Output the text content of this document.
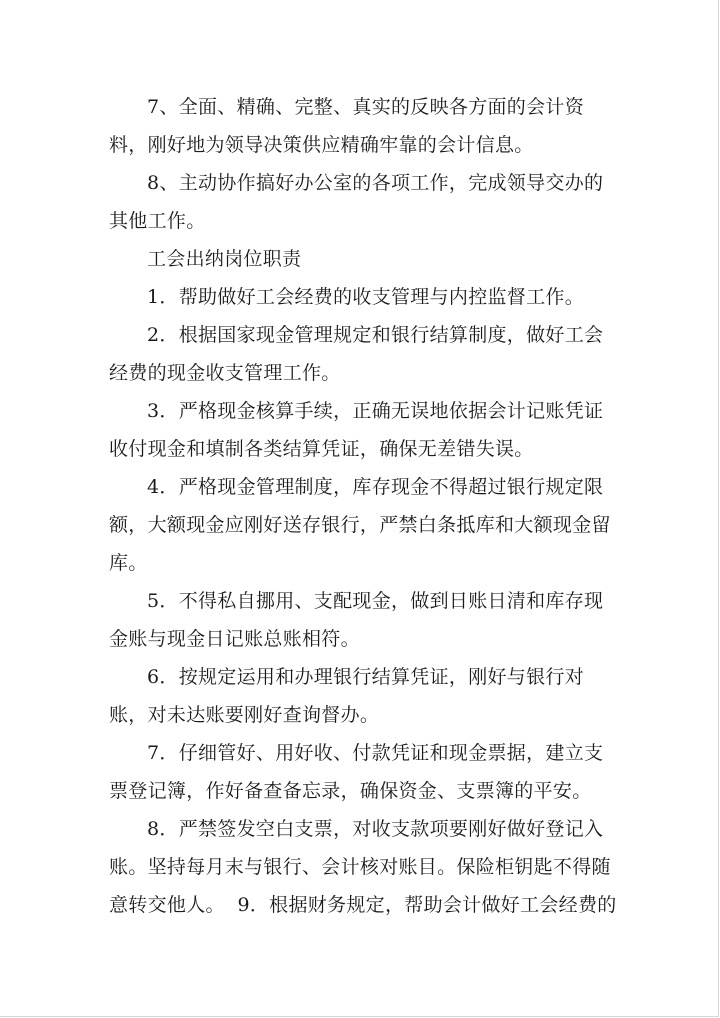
7、全面、精确、完整、真实的反映各方面的会计资料，刚好地为领导决策供应精确牢靠的会计信息。

8、主动协作搞好办公室的各项工作，完成领导交办的其他工作。

工会出纳岗位职责

1．帮助做好工会经费的收支管理与内控监督工作。

2．根据国家现金管理规定和银行结算制度，做好工会经费的现金收支管理工作。

3．严格现金核算手续，正确无误地依据会计记账凭证收付现金和填制各类结算凭证，确保无差错失误。

4．严格现金管理制度，库存现金不得超过银行规定限额，大额现金应刚好送存银行，严禁白条抵库和大额现金留库。

5．不得私自挪用、支配现金，做到日账日清和库存现金账与现金日记账总账相符。

6．按规定运用和办理银行结算凭证，刚好与银行对账，对未达账要刚好查询督办。

7．仔细管好、用好收、付款凭证和现金票据，建立支票登记簿，作好备查备忘录，确保资金、支票簿的平安。

8．严禁签发空白支票，对收支款项要刚好做好登记入账。坚持每月末与银行、会计核对账目。保险柜钥匙不得随意转交他人。  9．根据财务规定，帮助会计做好工会经费的
